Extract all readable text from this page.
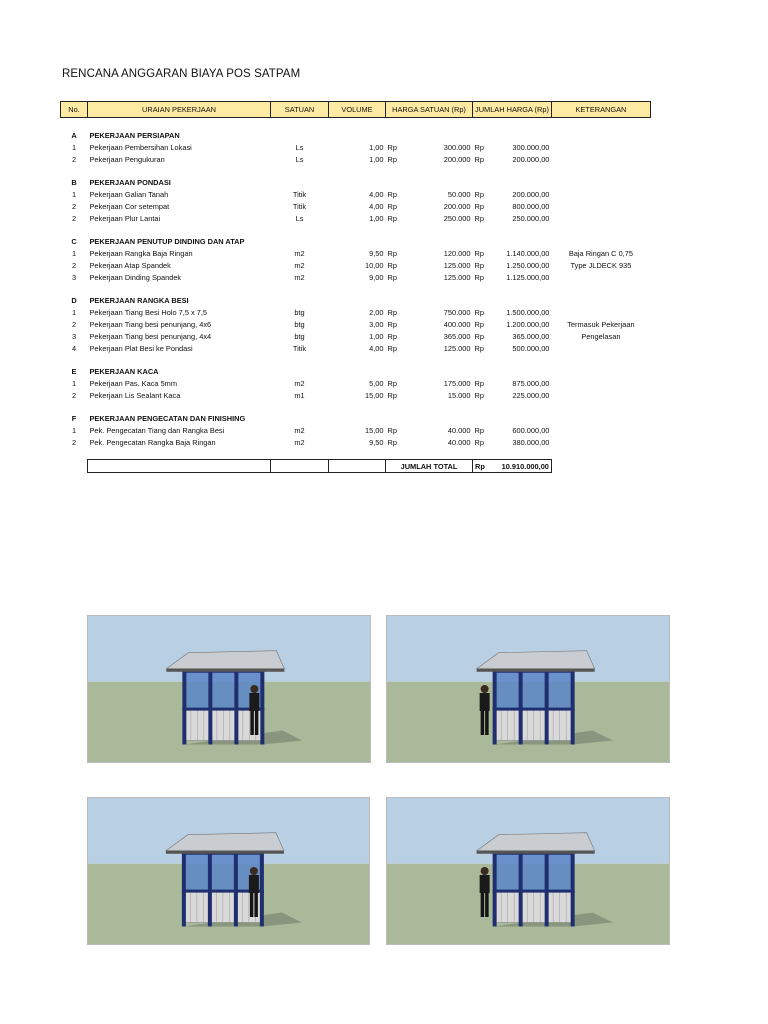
RENCANA ANGGARAN BIAYA POS SATPAM
No.	URAIAN PEKERJAAN	SATUAN	VOLUME	HARGA SATUAN (Rp)		JUMLAH HARGA (Rp)		KETERANGAN

A	PEKERJAAN PERSIAPAN							
1	Pekerjaan Pembersihan Lokasi	Ls	1,00	Rp	300.000	Rp	300.000,00	
2	Pekerjaan Pengukuran	Ls	1,00	Rp	200.000	Rp	200.000,00	

B	PEKERJAAN PONDASI							
1	Pekerjaan Galian Tanah	Titik	4,00	Rp	50.000	Rp	200.000,00	
2	Pekerjaan Cor setempat	Titik	4,00	Rp	200.000	Rp	800.000,00	
2	Pekerjaan Plur Lantai	Ls	1,00	Rp	250.000	Rp	250.000,00	

C	PEKERJAAN PENUTUP DINDING DAN ATAP							
1	Pekerjaan Rangka Baja Ringan	m2	9,50	Rp	120.000	Rp	1.140.000,00	Baja Ringan C 0,75
2	Pekerjaan Atap Spandek	m2	10,00	Rp	125.000	Rp	1.250.000,00	Type JLDECK 935
3	Pekerjaan Dinding Spandek	m2	9,00	Rp	125.000	Rp	1.125.000,00	

D	PEKERJAAN RANGKA BESI							
1	Pekerjaan Tiang Besi Holo 7,5 x 7,5	btg	2,00	Rp	750.000	Rp	1.500.000,00	
2	Pekerjaan Tiang besi penunjang, 4x6	btg	3,00	Rp	400.000	Rp	1.200.000,00	Termasuk Pekerjaan
3	Pekerjaan Tiang besi penunjang, 4x4	btg	1,00	Rp	365.000	Rp	365.000,00	Pengelasan
4	Pekerjaan Plat Besi ke Pondasi	Titik	4,00	Rp	125.000	Rp	500.000,00	

E	PEKERJAAN KACA							
1	Pekerjaan Pas. Kaca 5mm	m2	5,00	Rp	175.000	Rp	875.000,00	
2	Pekerjaan Lis Sealant Kaca	m1	15,00	Rp	15.000	Rp	225.000,00	

F	PEKERJAAN PENGECATAN DAN FINISHING							
1	Pek. Pengecatan Tiang dan Rangka Besi	m2	15,00	Rp	40.000	Rp	600.000,00	
2	Pek. Pengecatan Rangka Baja Ringan	m2	9,50	Rp	40.000	Rp	380.000,00	

				JUMLAH TOTAL		Rp	10.910.000,00	
